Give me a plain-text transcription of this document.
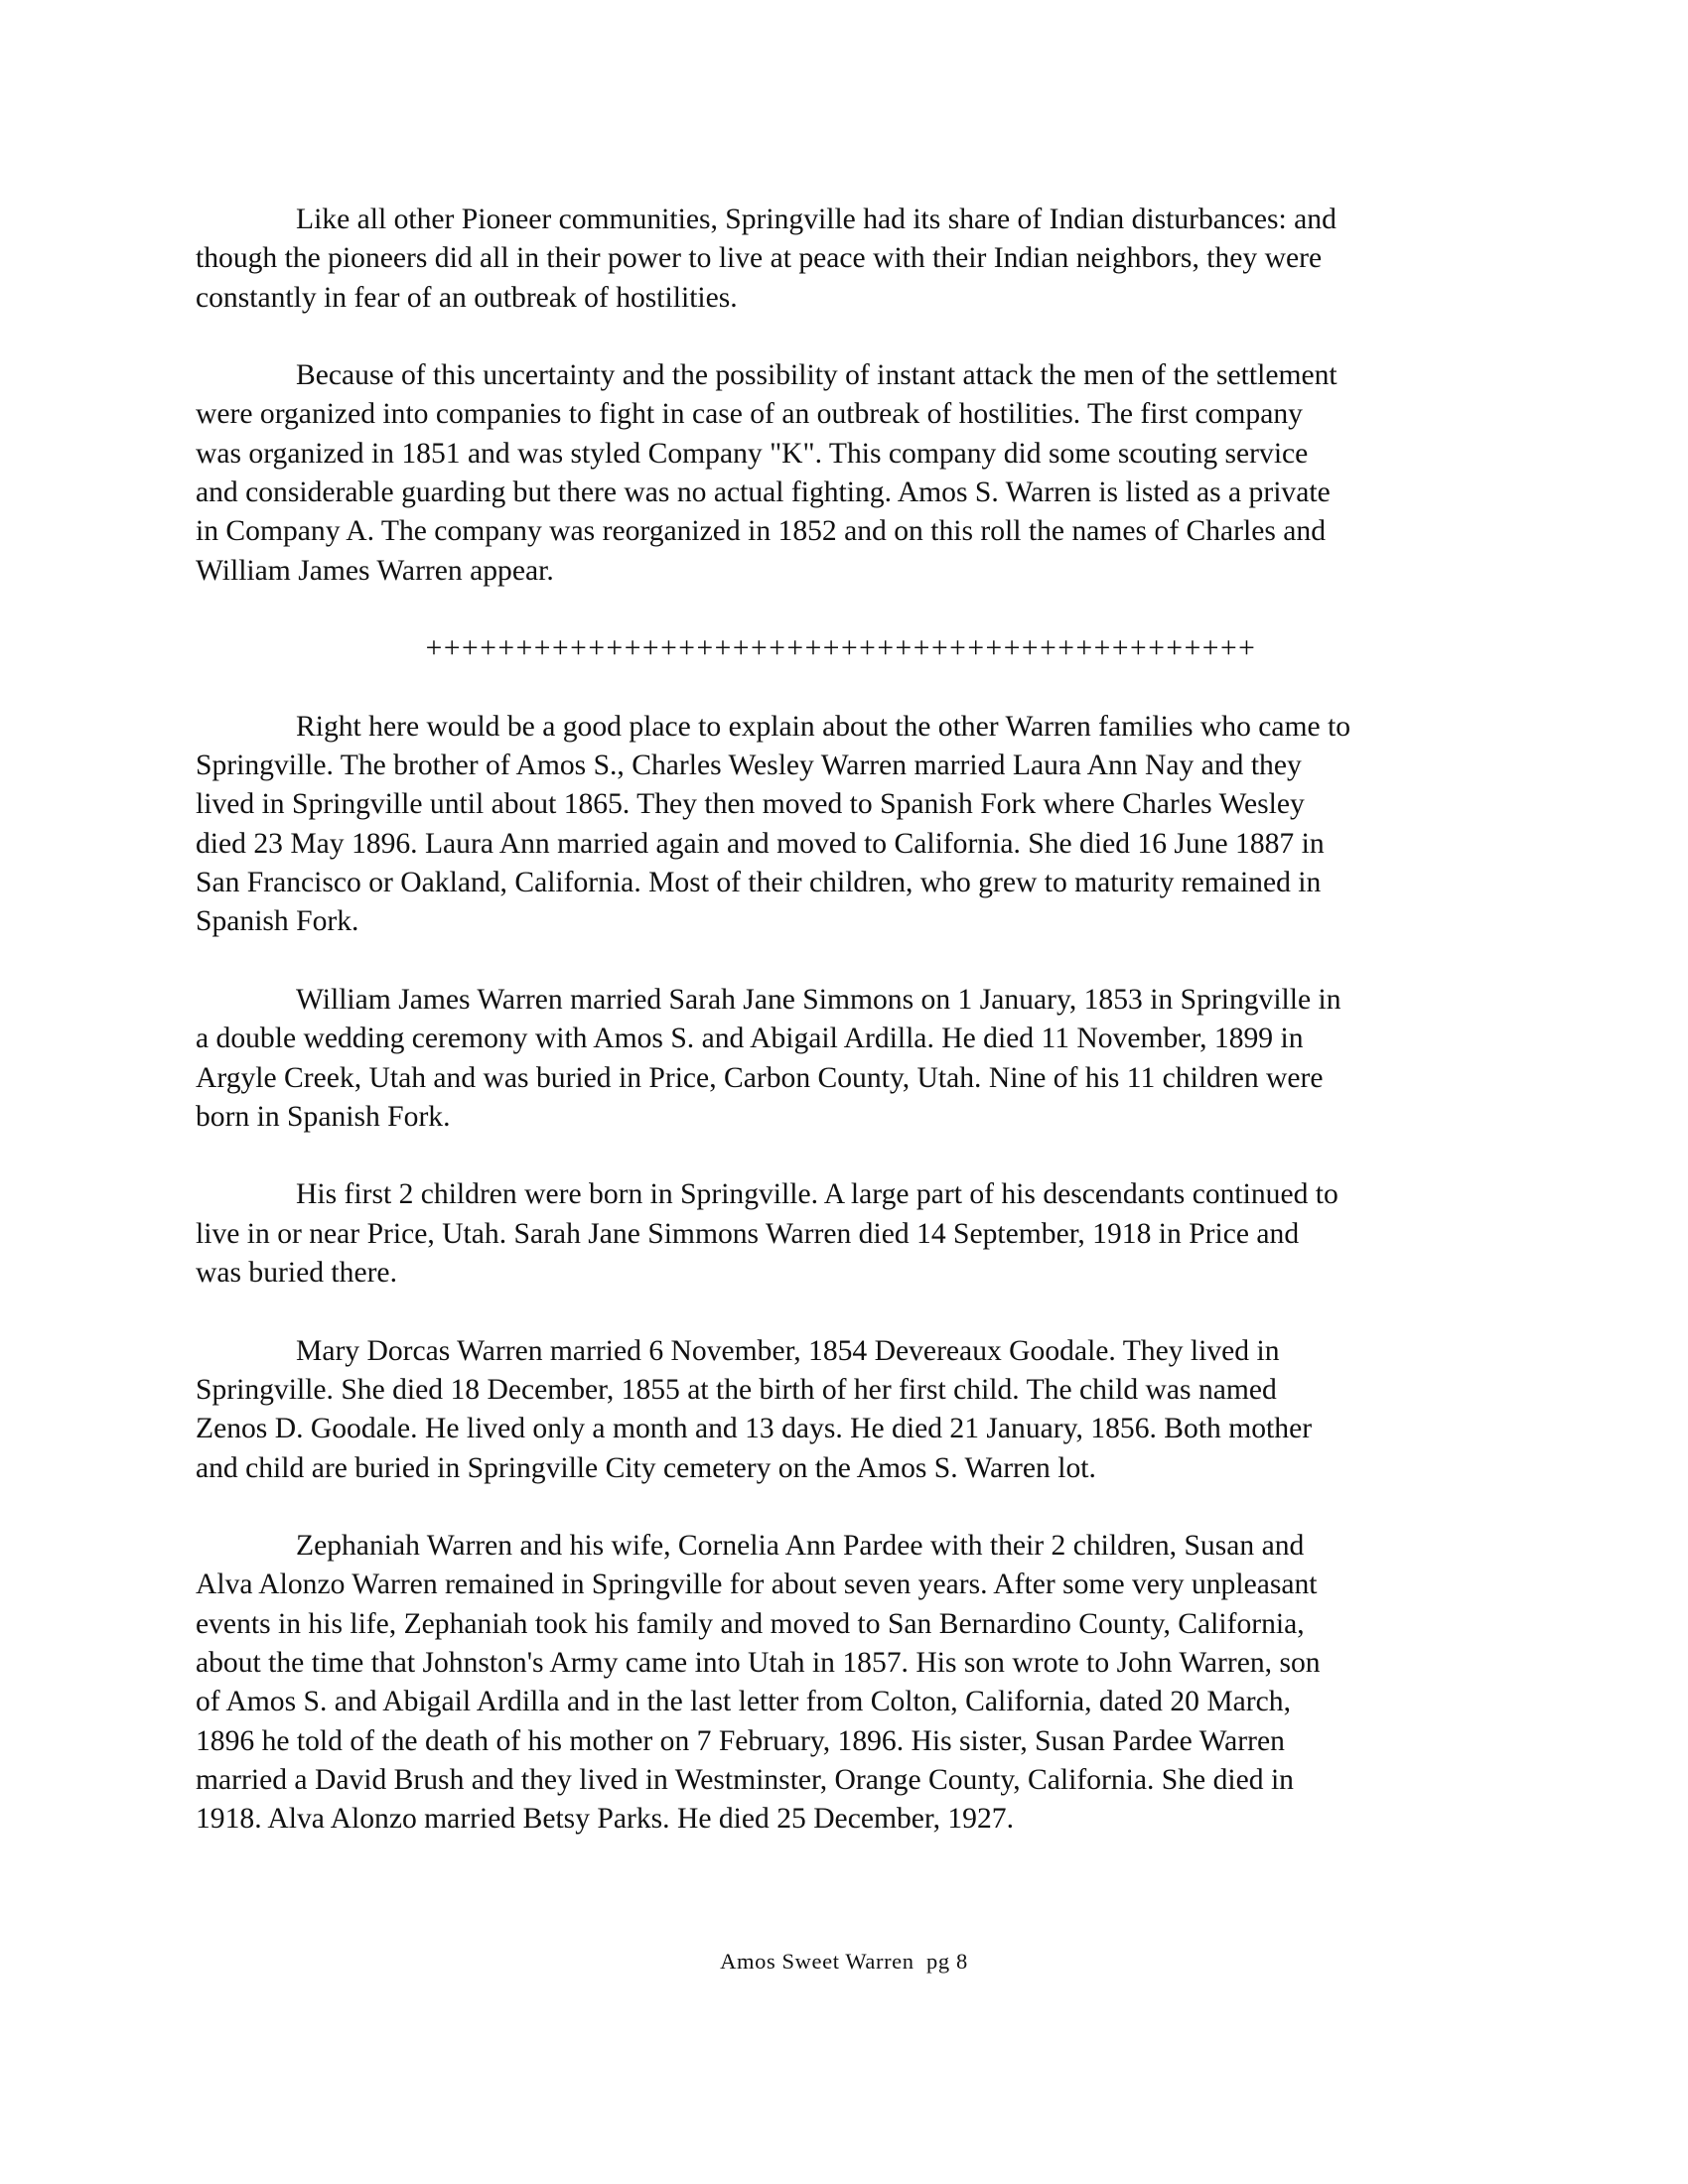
Like all other Pioneer communities, Springville had its share of Indian disturbances: and
though the pioneers did all in their power to live at peace with their Indian neighbors, they were
constantly in fear of an outbreak of hostilities.

Because of this uncertainty and the possibility of instant attack the men of the settlement
were organized into companies to fight in case of an outbreak of hostilities. The first company
was organized in 1851 and was styled Company "K". This company did some scouting service
and considerable guarding but there was no actual fighting. Amos S. Warren is listed as a private
in Company A. The company was reorganized in 1852 and on this roll the names of Charles and
William James Warren appear.

++++++++++++++++++++++++++++++++++++++++++++++

Right here would be a good place to explain about the other Warren families who came to
Springville. The brother of Amos S., Charles Wesley Warren married Laura Ann Nay and they
lived in Springville until about 1865. They then moved to Spanish Fork where Charles Wesley
died 23 May 1896. Laura Ann married again and moved to California. She died 16 June 1887 in
San Francisco or Oakland, California. Most of their children, who grew to maturity remained in
Spanish Fork.

William James Warren married Sarah Jane Simmons on 1 January, 1853 in Springville in
a double wedding ceremony with Amos S. and Abigail Ardilla. He died 11 November, 1899 in
Argyle Creek, Utah and was buried in Price, Carbon County, Utah. Nine of his 11 children were
born in Spanish Fork.

His first 2 children were born in Springville. A large part of his descendants continued to
live in or near Price, Utah. Sarah Jane Simmons Warren died 14 September, 1918 in Price and
was buried there.

Mary Dorcas Warren married 6 November, 1854 Devereaux Goodale. They lived in
Springville. She died 18 December, 1855 at the birth of her first child. The child was named
Zenos D. Goodale. He lived only a month and 13 days. He died 21 January, 1856. Both mother
and child are buried in Springville City cemetery on the Amos S. Warren lot.

Zephaniah Warren and his wife, Cornelia Ann Pardee with their 2 children, Susan and
Alva Alonzo Warren remained in Springville for about seven years. After some very unpleasant
events in his life, Zephaniah took his family and moved to San Bernardino County, California,
about the time that Johnston's Army came into Utah in 1857. His son wrote to John Warren, son
of Amos S. and Abigail Ardilla and in the last letter from Colton, California, dated 20 March,
1896 he told of the death of his mother on 7 February, 1896. His sister, Susan Pardee Warren
married a David Brush and they lived in Westminster, Orange County, California. She died in
1918. Alva Alonzo married Betsy Parks. He died 25 December, 1927.

Amos Sweet Warren  pg 8
